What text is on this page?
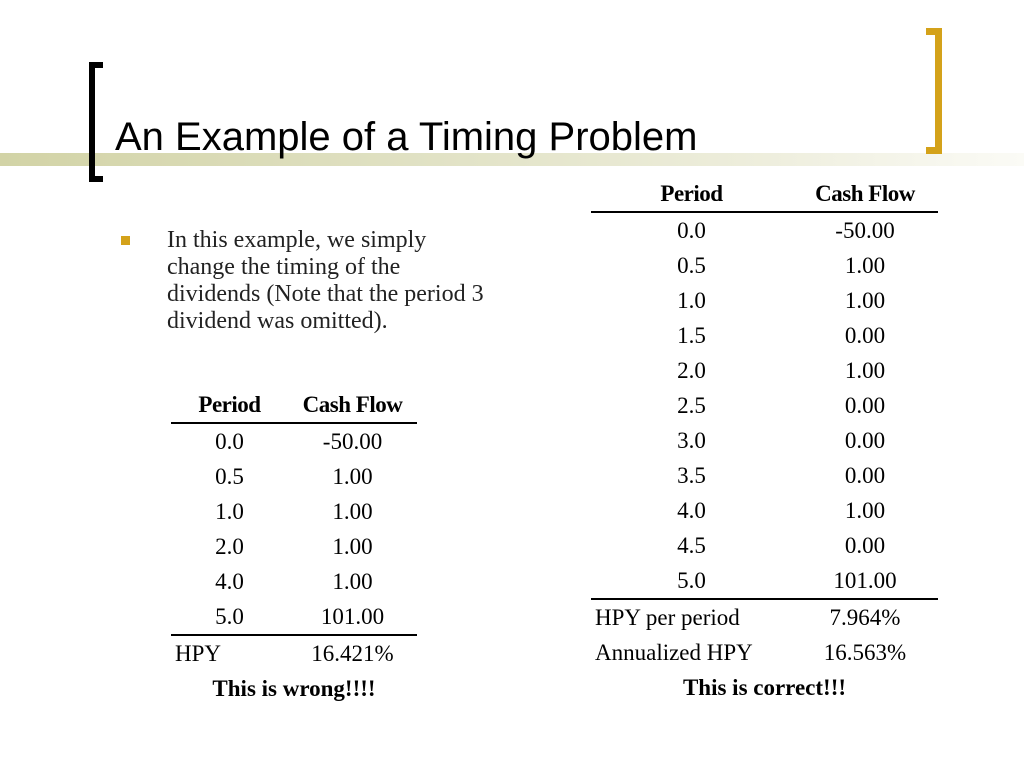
An Example of a Timing Problem

In this example, we simply change the timing of the dividends (Note that the period 3 dividend was omitted).

Period	Cash Flow
0.0	-50.00
0.5	1.00
1.0	1.00
2.0	1.00
4.0	1.00
5.0	101.00
HPY	16.421%
This is wrong!!!!	
Period	Cash Flow
0.0	-50.00
0.5	1.00
1.0	1.00
1.5	0.00
2.0	1.00
2.5	0.00
3.0	0.00
3.5	0.00
4.0	1.00
4.5	0.00
5.0	101.00
HPY per period	7.964%
Annualized HPY	16.563%
This is correct!!!	
